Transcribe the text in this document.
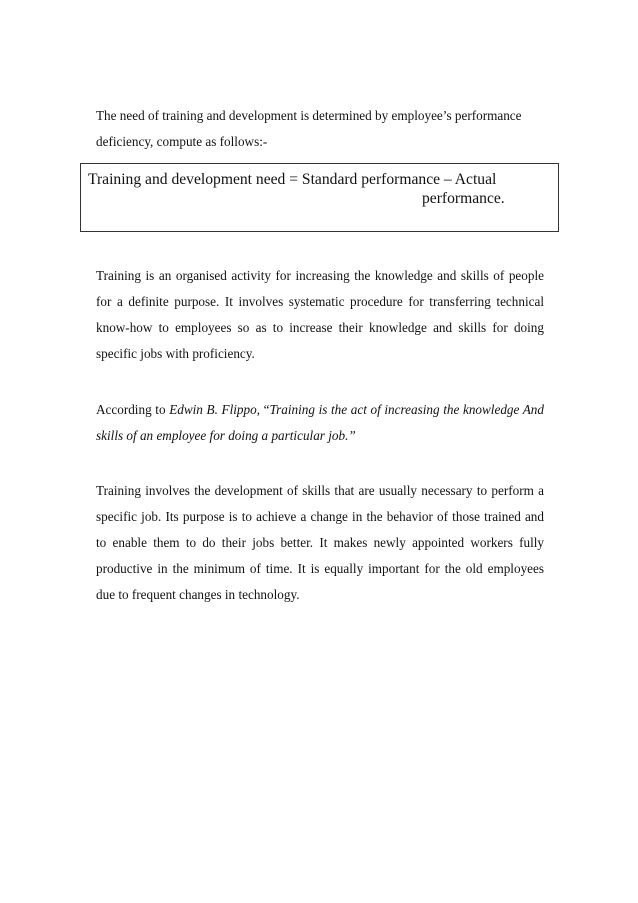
The need of training and development is determined by employee’s performance deficiency, compute as follows:-

Training and development need = Standard performance – Actual
performance.

Training is an organised activity for increasing the knowledge and skills of people for a definite purpose. It involves systematic procedure for transferring technical know-how to employees so as to increase their knowledge and skills for doing specific jobs with proficiency.

According to Edwin B. Flippo, “Training is the act of increasing the knowledge And skills of an employee for doing a particular job.”

Training involves the development of skills that are usually necessary to perform a specific job. Its purpose is to achieve a change in the behavior of those trained and to enable them to do their jobs better. It makes newly appointed workers fully productive in the minimum of time. It is equally important for the old employees due to frequent changes in technology.
